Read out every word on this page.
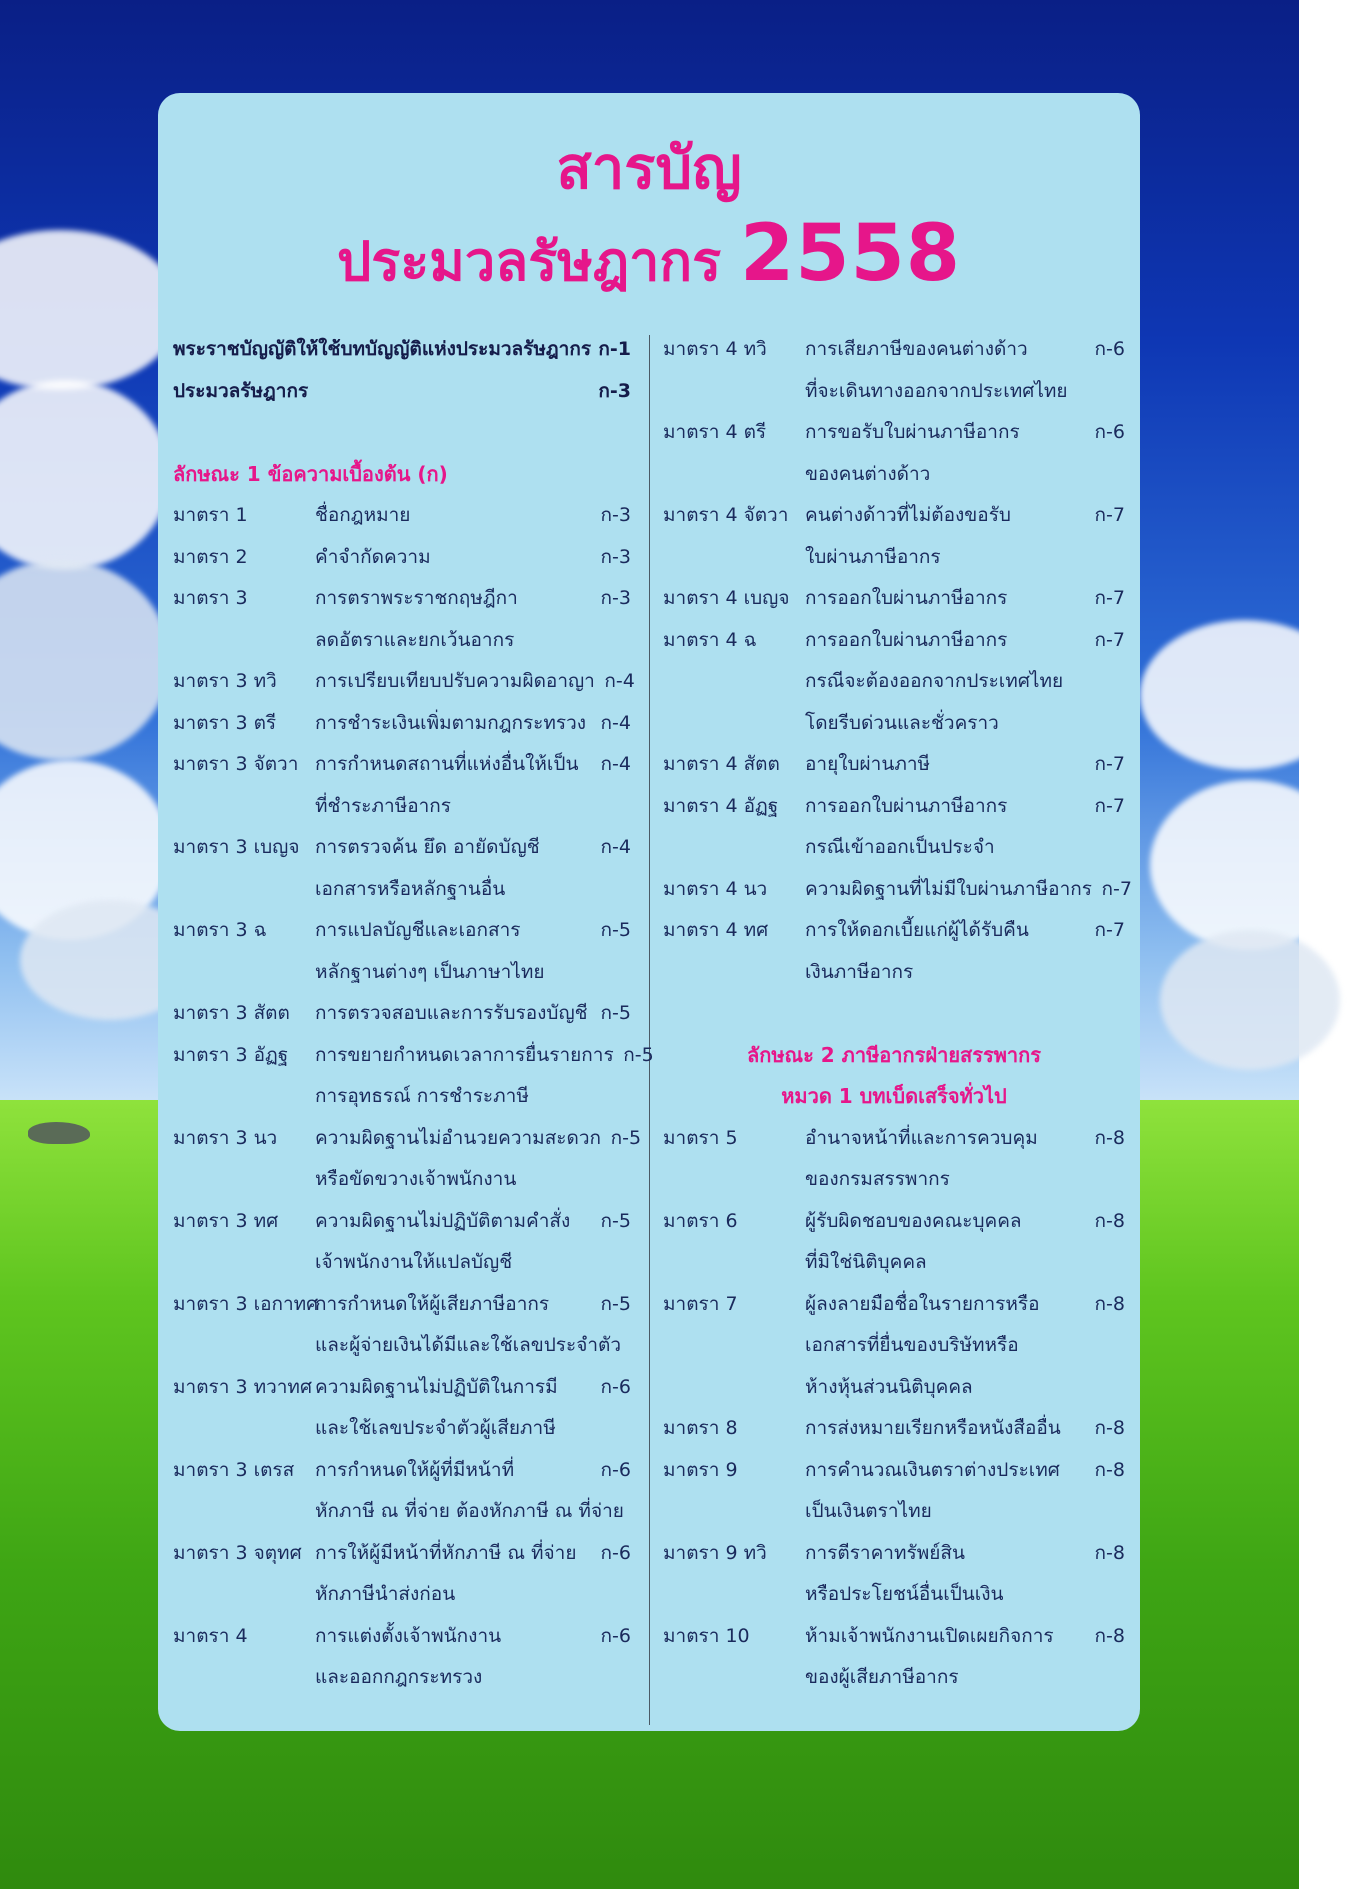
สารบัญ
ประมวลรัษฎากร 2558
พระราชบัญญัติให้ใช้บทบัญญัติแห่งประมวลรัษฎากร ก-1
ประมวลรัษฎากร	ก-3
ลักษณะ 1 ข้อความเบื้องต้น (ก)
มาตรา 1	ชื่อกฎหมาย	ก-3
มาตรา 2	คำจำกัดความ	ก-3
มาตรา 3	การตราพระราชกฤษฎีกา	ก-3
ลดอัตราและยกเว้นอากร
มาตรา 3 ทวิ	การเปรียบเทียบปรับความผิดอาญา ก-4
มาตรา 3 ตรี	การชำระเงินเพิ่มตามกฎกระทรวง ก-4
มาตรา 3 จัตวา การกำหนดสถานที่แห่งอื่นให้เป็น	ก-4
ที่ชำระภาษีอากร
มาตรา 3 เบญจ การตรวจค้น ยึด อายัดบัญชี	ก-4
เอกสารหรือหลักฐานอื่น
มาตรา 3 ฉ	การแปลบัญชีและเอกสาร	ก-5
หลักฐานต่างๆ เป็นภาษาไทย
มาตรา 3 สัตต	การตรวจสอบและการรับรองบัญชี ก-5
มาตรา 3 อัฏฐ	การขยายกำหนดเวลาการยื่นรายการ ก-5
การอุทธรณ์ การชำระภาษี
มาตรา 3 นว	ความผิดฐานไม่อำนวยความสะดวก ก-5
หรือขัดขวางเจ้าพนักงาน
มาตรา 3 ทศ	ความผิดฐานไม่ปฏิบัติตามคำสั่ง	ก-5
เจ้าพนักงานให้แปลบัญชี
มาตรา 3 เอกาทศ
การกำหนดให้ผู้เสียภาษีอากร	ก-5
และผู้จ่ายเงินได้มีและใช้เลขประจำตัว
มาตรา 3 ทวาทศ ความผิดฐานไม่ปฏิบัติในการมี	ก-6
และใช้เลขประจำตัวผู้เสียภาษี
มาตรา 3 เตรส	การกำหนดให้ผู้ที่มีหน้าที่	ก-6
หักภาษี ณ ที่จ่าย ต้องหักภาษี ณ ที่จ่าย
มาตรา 3 จตุทศ การให้ผู้มีหน้าที่หักภาษี ณ ที่จ่าย	ก-6
หักภาษีนำส่งก่อน
มาตรา 4	การแต่งตั้งเจ้าพนักงาน	ก-6
และออกกฎกระทรวง
มาตรา 4 ทวิ	การเสียภาษีของคนต่างด้าว	ก-6
ที่จะเดินทางออกจากประเทศไทย
มาตรา 4 ตรี	การขอรับใบผ่านภาษีอากร	ก-6
ของคนต่างด้าว
มาตรา 4 จัตวา คนต่างด้าวที่ไม่ต้องขอรับ	ก-7
ใบผ่านภาษีอากร
มาตรา 4 เบญจ การออกใบผ่านภาษีอากร	ก-7
มาตรา 4 ฉ	การออกใบผ่านภาษีอากร	ก-7
กรณีจะต้องออกจากประเทศไทย
โดยรีบด่วนและชั่วคราว
มาตรา 4 สัตต	อายุใบผ่านภาษี	ก-7
มาตรา 4 อัฏฐ	การออกใบผ่านภาษีอากร	ก-7
กรณีเข้าออกเป็นประจำ
มาตรา 4 นว	ความผิดฐานที่ไม่มีใบผ่านภาษีอากร ก-7
มาตรา 4 ทศ	การให้ดอกเบี้ยแก่ผู้ได้รับคืน	ก-7
เงินภาษีอากร
ลักษณะ 2 ภาษีอากรฝ่ายสรรพากร
หมวด 1 บทเบ็ดเสร็จทั่วไป
มาตรา 5	อำนาจหน้าที่และการควบคุม	ก-8
ของกรมสรรพากร
มาตรา 6	ผู้รับผิดชอบของคณะบุคคล	ก-8
ที่มิใช่นิติบุคคล
มาตรา 7	ผู้ลงลายมือชื่อในรายการหรือ	ก-8
เอกสารที่ยื่นของบริษัทหรือ
ห้างหุ้นส่วนนิติบุคคล
มาตรา 8	การส่งหมายเรียกหรือหนังสืออื่น	ก-8
มาตรา 9	การคำนวณเงินตราต่างประเทศ	ก-8
เป็นเงินตราไทย
มาตรา 9 ทวิ	การตีราคาทรัพย์สิน	ก-8
หรือประโยชน์อื่นเป็นเงิน
มาตรา 10	ห้ามเจ้าพนักงานเปิดเผยกิจการ	ก-8
ของผู้เสียภาษีอากร
